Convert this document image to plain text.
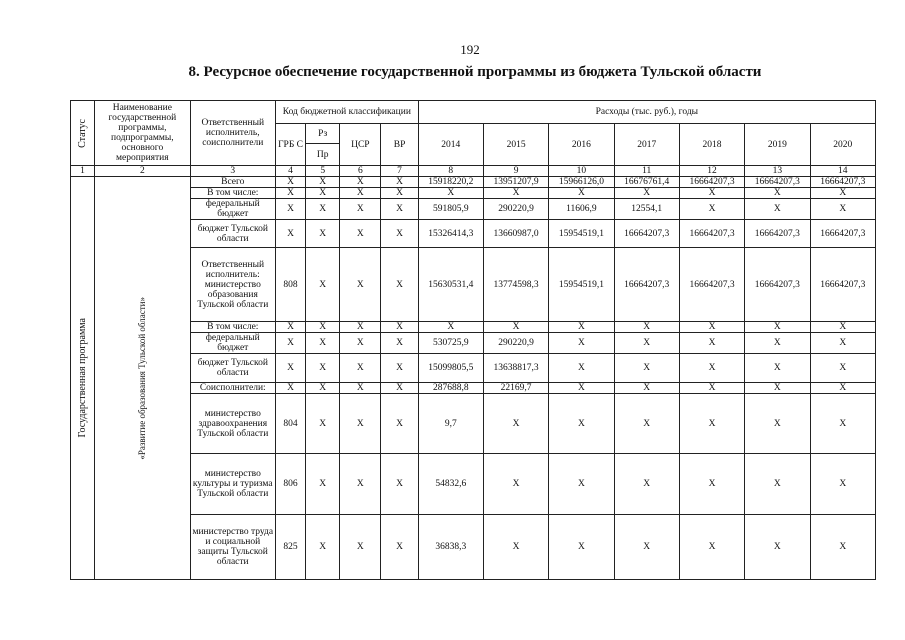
192
8. Ресурсное обеспечение государственной программы из бюджета Тульской области
Статус	Наименование государственной программы, подпрограммы, основного мероприятия	Ответственный исполнитель, соисполнители	Код бюджетной классификации				Расходы (тыс. руб.), годы						
			ГРБ С	Рз	ЦСР	ВР	2014	2015	2016	2017	2018	2019	2020
				Пр									
1	2	3	4	5	6	7	8	9	10	11	12	13	14

Государственная программа	«Развитие образования Тульской области»	Всего	X	X	X	X	15918220,2	13951207,9	15966126,0	16676761,4	16664207,3	16664207,3	16664207,3
		В том числе:	X	X	X	X	X	X	X	X	X	X	X
		федеральный бюджет	X	X	X	X	591805,9	290220,9	11606,9	12554,1	X	X	X
		бюджет Тульской области	X	X	X	X	15326414,3	13660987,0	15954519,1	16664207,3	16664207,3	16664207,3	16664207,3
		Ответственный исполнитель: министерство образования Тульской области	808	X	X	X	15630531,4	13774598,3	15954519,1	16664207,3	16664207,3	16664207,3	16664207,3
		В том числе:	X	X	X	X	X	X	X	X	X	X	X
		федеральный бюджет	X	X	X	X	530725,9	290220,9	X	X	X	X	X
		бюджет Тульской области	X	X	X	X	15099805,5	13638817,3	X	X	X	X	X
		Соисполнители:	X	X	X	X	287688,8	22169,7	X	X	X	X	X
		министерство здравоохранения Тульской области	804	X	X	X	9,7	X	X	X	X	X	X
		министерство культуры и туризма Тульской области	806	X	X	X	54832,6	X	X	X	X	X	X
		министерство труда и социальной защиты Тульской области	825	X	X	X	36838,3	X	X	X	X	X	X
